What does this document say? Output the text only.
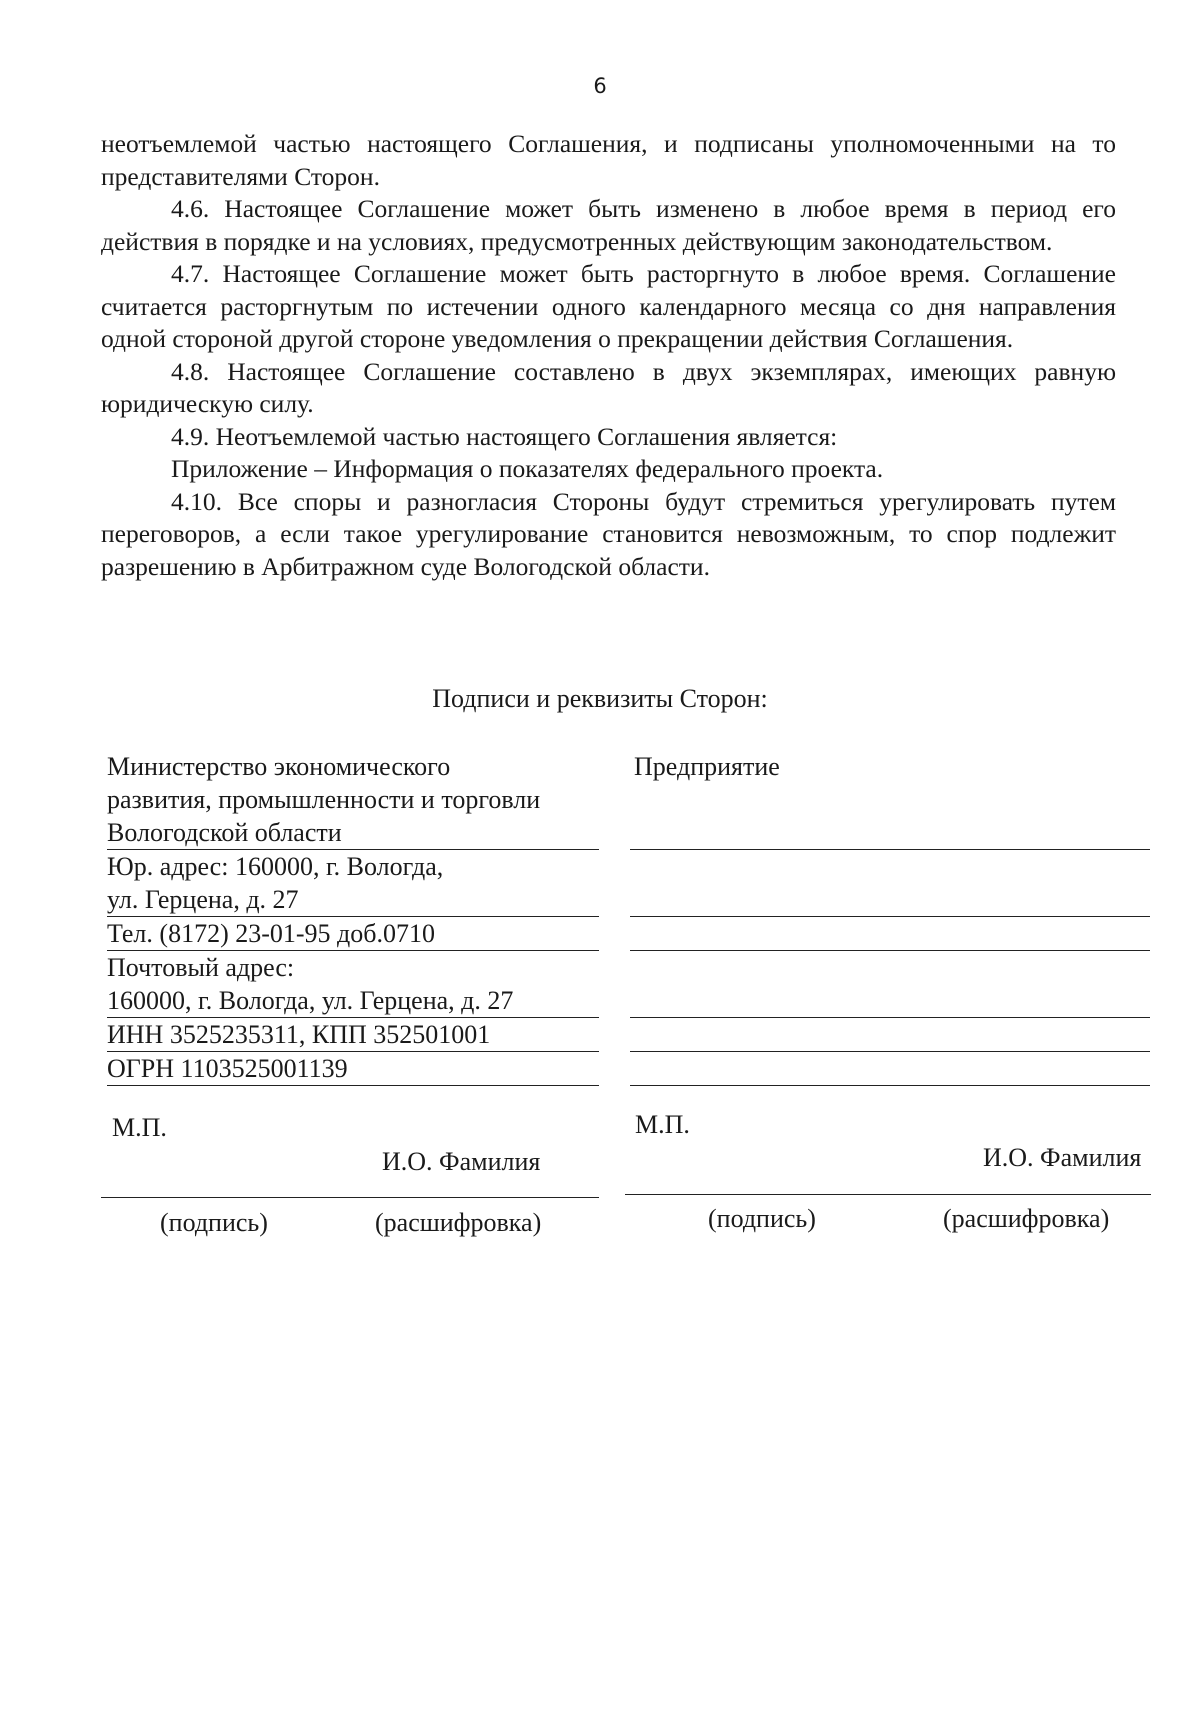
6

неотъемлемой частью настоящего Соглашения, и подписаны уполномоченными на то представителями Сторон.

4.6. Настоящее Соглашение может быть изменено в любое время в период его действия в порядке и на условиях, предусмотренных действующим законодательством.

4.7. Настоящее Соглашение может быть расторгнуто в любое время. Соглашение считается расторгнутым по истечении одного календарного месяца со дня направления одной стороной другой стороне уведомления о прекращении действия Соглашения.

4.8. Настоящее Соглашение составлено в двух экземплярах, имеющих равную юридическую силу.

4.9. Неотъемлемой частью настоящего Соглашения является:

Приложение – Информация о показателях федерального проекта.

4.10. Все споры и разногласия Стороны будут стремиться урегулировать путем переговоров, а если такое урегулирование становится невозможным, то спор подлежит разрешению в Арбитражном суде Вологодской области.

Подписи и реквизиты Сторон:
Министерство экономического
развития, промышленности и торговли
Вологодской области
Юр. адрес: 160000, г. Вологда,
ул. Герцена, д. 27
Тел. (8172) 23-01-95 доб.0710
Почтовый адрес:
160000, г. Вологда, ул. Герцена, д. 27
ИНН 3525235311, КПП 352501001
ОГРН 1103525001139
Предприятие
М.П.
И.О. Фамилия
(подпись)	(расшифровка)
М.П.
И.О. Фамилия
(подпись)	(расшифровка)
